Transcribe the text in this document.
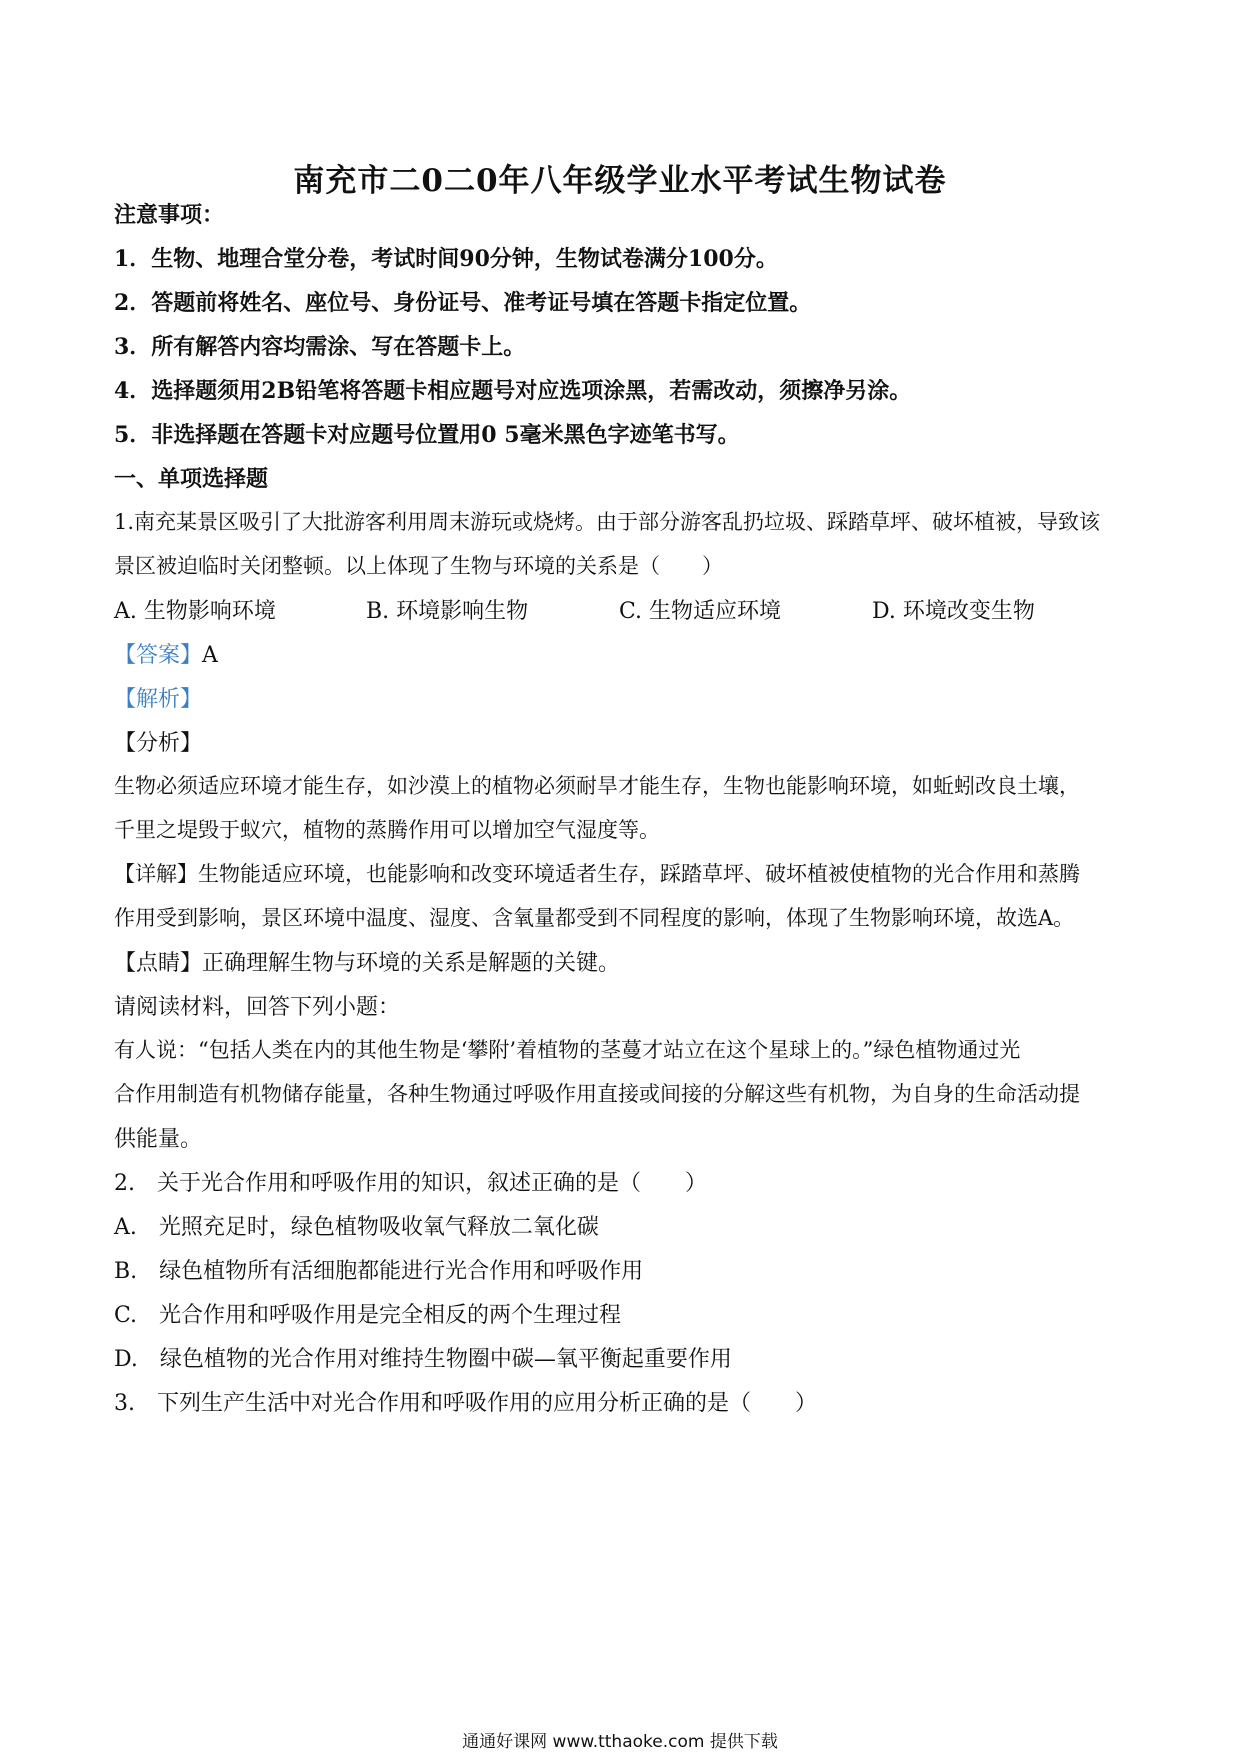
南充市二0二0年八年级学业水平考试生物试卷
注意事项：
1．生物、地理合堂分卷，考试时间90分钟，生物试卷满分100分。
2．答题前将姓名、座位号、身份证号、准考证号填在答题卡指定位置。
3．所有解答内容均需涂、写在答题卡上。
4．选择题须用2B铅笔将答题卡相应题号对应选项涂黑，若需改动，须擦净另涂。
5．非选择题在答题卡对应题号位置用0 5毫米黑色字迹笔书写。
一、单项选择题
1.南充某景区吸引了大批游客利用周末游玩或烧烤。由于部分游客乱扔垃圾、踩踏草坪、破坏植被，导致该
景区被迫临时关闭整顿。以上体现了生物与环境的关系是（　　）
A. 生物影响环境	B. 环境影响生物	C. 生物适应环境	D. 环境改变生物
【答案】A
【解析】
【分析】
生物必须适应环境才能生存，如沙漠上的植物必须耐旱才能生存，生物也能影响环境，如蚯蚓改良土壤，
千里之堤毁于蚁穴，植物的蒸腾作用可以增加空气湿度等。
【详解】生物能适应环境，也能影响和改变环境适者生存，踩踏草坪、破坏植被使植物的光合作用和蒸腾
作用受到影响，景区环境中温度、湿度、含氧量都受到不同程度的影响，体现了生物影响环境，故选A。
【点睛】正确理解生物与环境的关系是解题的关键。
请阅读材料，回答下列小题：
有人说：“包括人类在内的其他生物是‘攀附’着植物的茎蔓才站立在这个星球上的。”绿色植物通过光
合作用制造有机物储存能量，各种生物通过呼吸作用直接或间接的分解这些有机物，为自身的生命活动提
供能量。
2.　关于光合作用和呼吸作用的知识，叙述正确的是（　　）
A.　光照充足时，绿色植物吸收氧气释放二氧化碳
B.　绿色植物所有活细胞都能进行光合作用和呼吸作用
C.　光合作用和呼吸作用是完全相反的两个生理过程
D.　绿色植物的光合作用对维持生物圈中碳—氧平衡起重要作用
3.　下列生产生活中对光合作用和呼吸作用的应用分析正确的是（　　）
通通好课网 www.tthaoke.com 提供下载
